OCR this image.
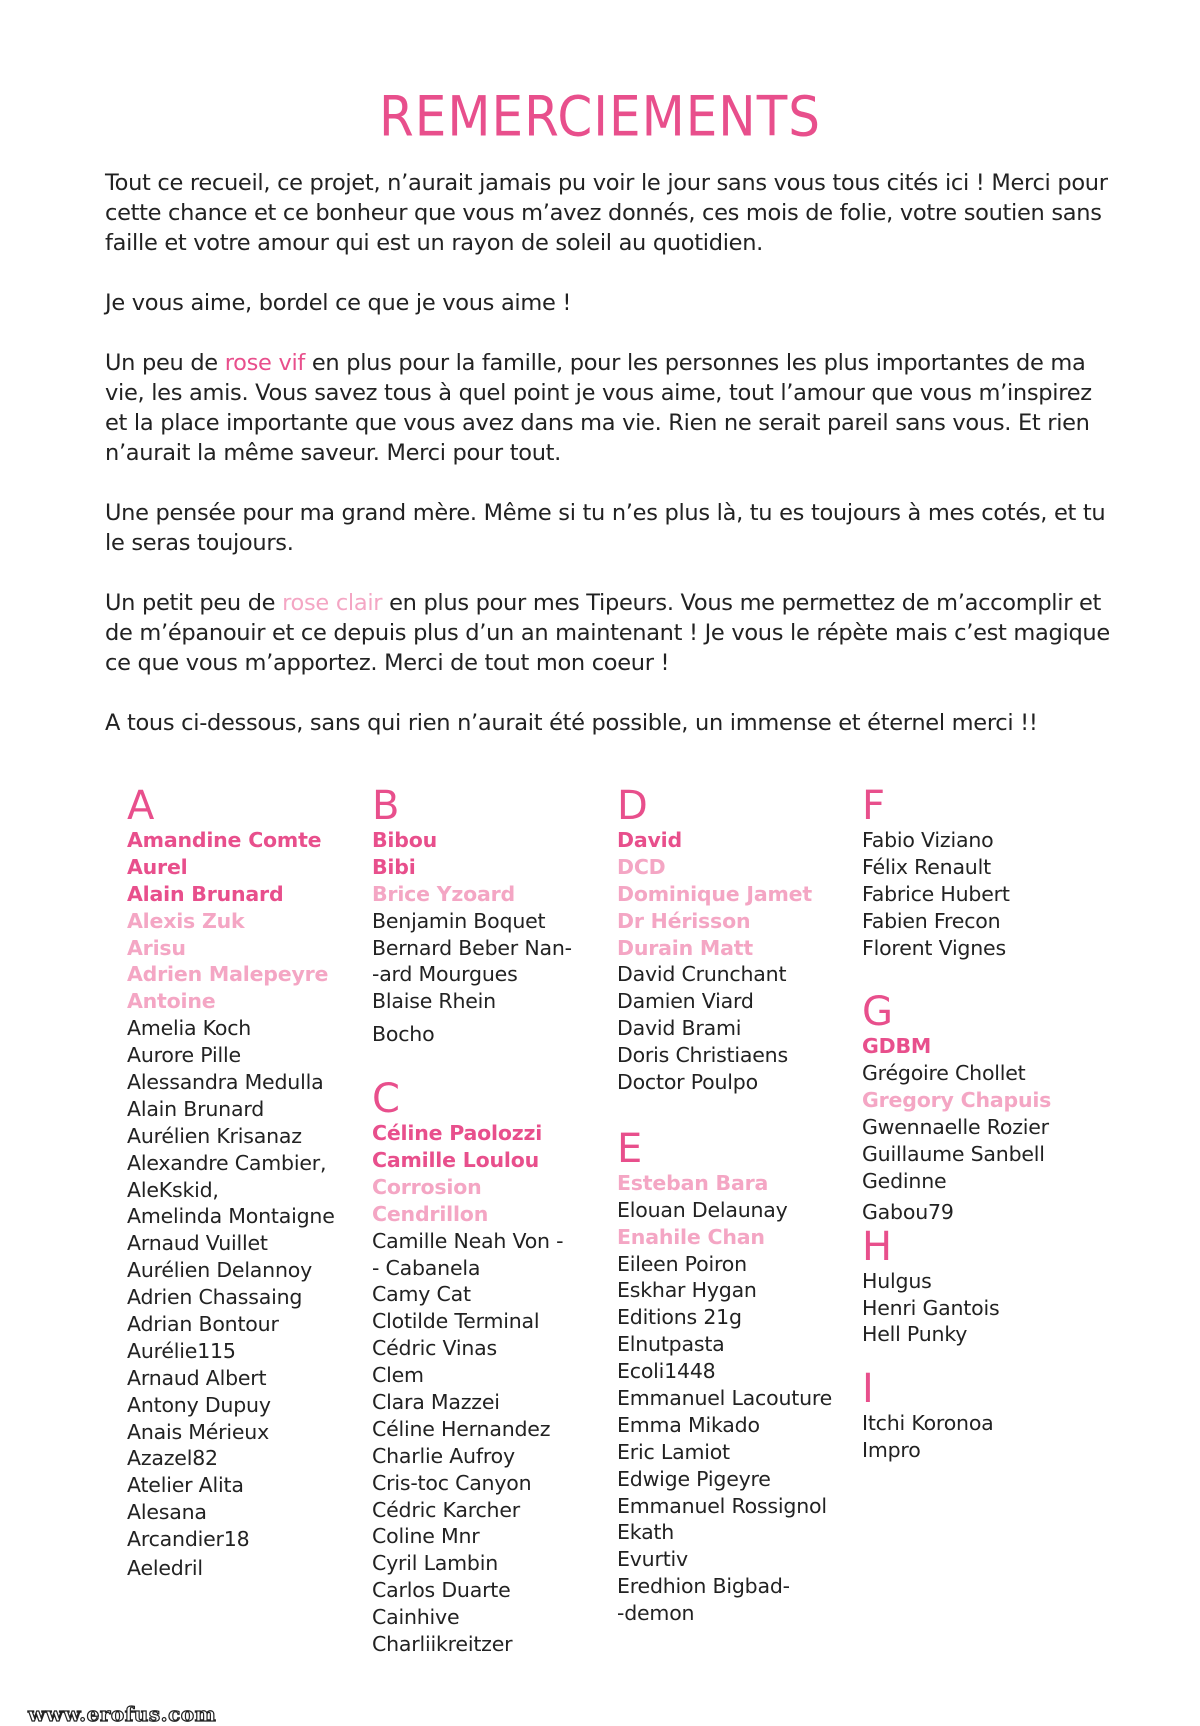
REMERCIEMENTS

Tout ce recueil, ce projet, n’aurait jamais pu voir le jour sans vous tous cités ici ! Merci pour cette chance et ce bonheur que vous m’avez donnés, ces mois de folie, votre soutien sans faille et votre amour qui est un rayon de soleil au quotidien.

Je vous aime, bordel ce que je vous aime !

Un peu de rose vif en plus pour la famille, pour les personnes les plus importantes de ma vie, les amis. Vous savez tous à quel point je vous aime, tout l’amour que vous m’inspirez et la place importante que vous avez dans ma vie. Rien ne serait pareil sans vous. Et rien n’aurait la même saveur. Merci pour tout.

Une pensée pour ma grand mère. Même si tu n’es plus là, tu es toujours à mes cotés, et tu le seras toujours.

Un petit peu de rose clair en plus pour mes Tipeurs. Vous me permettez de m’accomplir et de m’épanouir et ce depuis plus d’un an maintenant ! Je vous le répète mais c’est magique ce que vous m’apportez. Merci de tout mon coeur !

A tous ci-dessous, sans qui rien n’aurait été possible, un immense et éternel merci !!

A
Amandine Comte
Aurel
Alain Brunard
Alexis Zuk
Arisu
Adrien Malepeyre
Antoine
Amelia Koch
Aurore Pille
Alessandra Medulla
Alain Brunard
Aurélien Krisanaz
Alexandre Cambier,
AleKskid,
Amelinda Montaigne
Arnaud Vuillet
Aurélien Delannoy
Adrien Chassaing
Adrian Bontour
Aurélie115
Arnaud Albert
Antony Dupuy
Anais Mérieux
Azazel82
Atelier Alita
Alesana
Arcandier18
Aeledril
B
Bibou
Bibi
Brice Yzoard
Benjamin Boquet
Bernard Beber Nan-
-ard Mourgues
Blaise Rhein
Bocho
C
Céline Paolozzi
Camille Loulou
Corrosion
Cendrillon
Camille Neah Von -
- Cabanela
Camy Cat
Clotilde Terminal
Cédric Vinas
Clem
Clara Mazzei
Céline Hernandez
Charlie Aufroy
Cris-toc Canyon
Cédric Karcher
Coline Mnr
Cyril Lambin
Carlos Duarte
Cainhive
Charliikreitzer
D
David
DCD
Dominique Jamet
Dr Hérisson
Durain Matt
David Crunchant
Damien Viard
David Brami
Doris Christiaens
Doctor Poulpo
E
Esteban Bara
Elouan Delaunay
Enahile Chan
Eileen Poiron
Eskhar Hygan
Editions 21g
Elnutpasta
Ecoli1448
Emmanuel Lacouture
Emma Mikado
Eric Lamiot
Edwige Pigeyre
Emmanuel Rossignol
Ekath
Evurtiv
Eredhion Bigbad-
-demon
F
Fabio Viziano
Félix Renault
Fabrice Hubert
Fabien Frecon
Florent Vignes
G
GDBM
Grégoire Chollet
Gregory Chapuis
Gwennaelle Rozier
Guillaume Sanbell
Gedinne
Gabou79
H
Hulgus
Henri Gantois
Hell Punky
I
Itchi Koronoa
Impro
www.erofus.com
